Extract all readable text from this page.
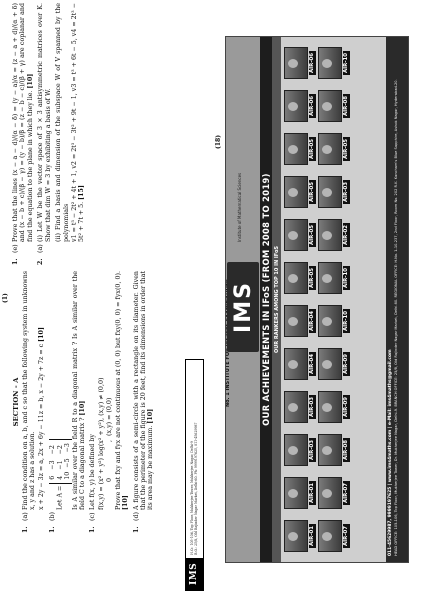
(1)
IMS
H.O.: 105-106, Top Floor, Mukherjee Tower, Mukherjee Nagar, Delhi-9 B.O.: 25/8, Old Rajinder Nagar Market, Delhi-60. Ph: 9999197625, 011-45629987
SECTION - A
1.
(a)
Find the condition on a, b, and c so that the following system in unknowns x, y and z has a solution. x + 2y − 3z = a, 2x + 6y − 11z = b, x − 2y + 7z = c [10]
1.
(b)
Let A =
6   −3   −2 4   −1   −2 10  −5   −3 Is A similar over the field R to a diagonal matrix ? Is A similar over the field C to a diagonal matrix ? [10]
1.
(c)
Let f(x, y) be defined by f(x,y) = (x² + y²) log(x² + y²), (x,y) ≠ (0,0) 0                  ,  (x,y) = (0,0) Prove that fxy and fyx are not continuous at (0, 0) but fxy(0, 0) = fyx(0, 0). [10]
1.
(d)
A figure consists of a semi-circle with a rectangle on its diameter. Given that the perimeter of the figure is 20 feet, find its dimensions in order that its area may be maximum. [10]
1.
(e)
Prove that the lines (x − a − d)/(α − δ) = (y − a)/α = (z − a + d)/(α + δ) and (x − b + c)/(β − γ) = (y − b)/β = (z − b − c)/(β + γ) are coplanar and find the equation to the plane in which they lie. [10]
2.
(a)
(i) Let W be the vector space of 3 × 3 antisymmetric matrices over K. Show that dim W = 3 by exhibiting a basis of W. (ii) Find a basis and dimension of the subspace W of V spanned by the polynomials v1 = t³ − 2t² + 4t + 1, v2 = 2t³ − 3t² + 9t − 1, v3 = t³ + 6t − 5, v4 = 2t³ − 5t² + 7t + 5. [15]
(18)
No. 1 INSTITUTE FOR
IMS
Institute of Mathematical Sciences OUR ACHIEVEMENTS IN IFoS (FROM 2008 TO 2019) OUR RANKERS AMONG TOP 10 IN IFoS
AIR-01
AIR-01
AIR-03
AIR-03
AIR-04
AIR-04
AIR-05
AIR-05
AIR-05
AIR-05
AIR-06
AIR-06
AIR-07
AIR-07
AIR-08
AIR-09
AIR-09
AIR-10
AIR-10
AIR-02
AIR-03
AIR-05
AIR-08
AIR-10
011-45629987, 9999197625 | www.ims4maths.com | e-Mail: ims4maths@gmail.com HEAD OFFICE: 105-106, Top Floor, Mukherjee Tower, Dr. Mukherjee Nagar, Delhi-9. BRANCH OFFICE: 25/8, Old Rajinder Nagar Market, Delhi-60. REGIONAL OFFICE: H.No. 1-10-237, 2nd Floor, Room No. 202 R.K. Kancham's Blue Sapphire, Ashok Nagar, Hyderabad-20.
